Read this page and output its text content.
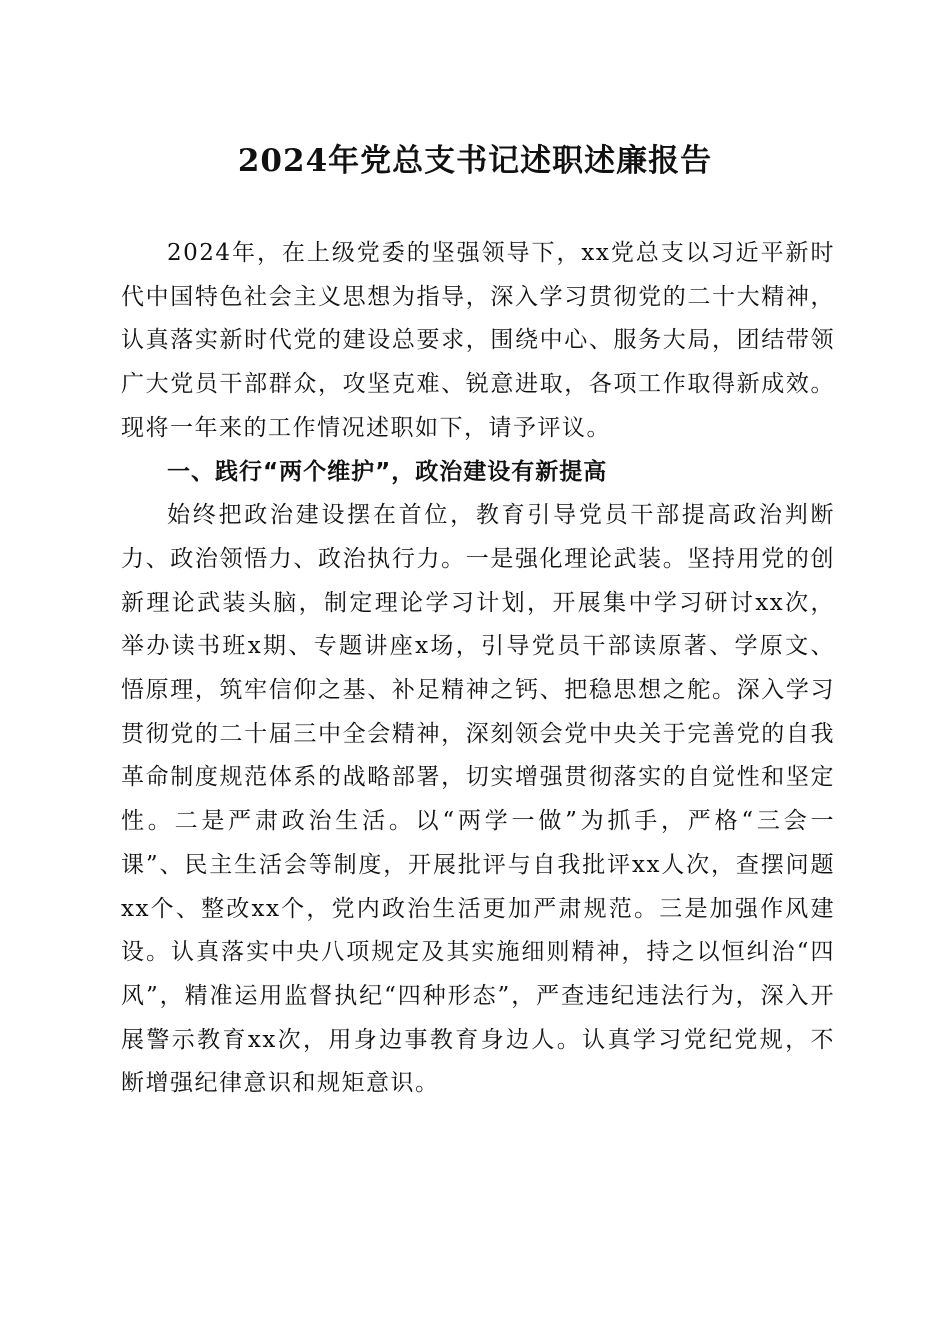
2024年党总支书记述职述廉报告

2024年，在上级党委的坚强领导下，xx党总支以习近平新时代中国特色社会主义思想为指导，深入学习贯彻党的二十大精神，认真落实新时代党的建设总要求，围绕中心、服务大局，团结带领广大党员干部群众，攻坚克难、锐意进取，各项工作取得新成效。现将一年来的工作情况述职如下，请予评议。

一、践行“两个维护”，政治建设有新提高

始终把政治建设摆在首位，教育引导党员干部提高政治判断力、政治领悟力、政治执行力。一是强化理论武装。坚持用党的创新理论武装头脑，制定理论学习计划，开展集中学习研讨xx次，举办读书班x期、专题讲座x场，引导党员干部读原著、学原文、悟原理，筑牢信仰之基、补足精神之钙、把稳思想之舵。深入学习贯彻党的二十届三中全会精神，深刻领会党中央关于完善党的自我革命制度规范体系的战略部署，切实增强贯彻落实的自觉性和坚定性。二是严肃政治生活。以“两学一做”为抓手，严格“三会一课”、民主生活会等制度，开展批评与自我批评xx人次，查摆问题xx个、整改xx个，党内政治生活更加严肃规范。三是加强作风建设。认真落实中央八项规定及其实施细则精神，持之以恒纠治“四风”，精准运用监督执纪“四种形态”，严查违纪违法行为，深入开展警示教育xx次，用身边事教育身边人。认真学习党纪党规，不断增强纪律意识和规矩意识。
